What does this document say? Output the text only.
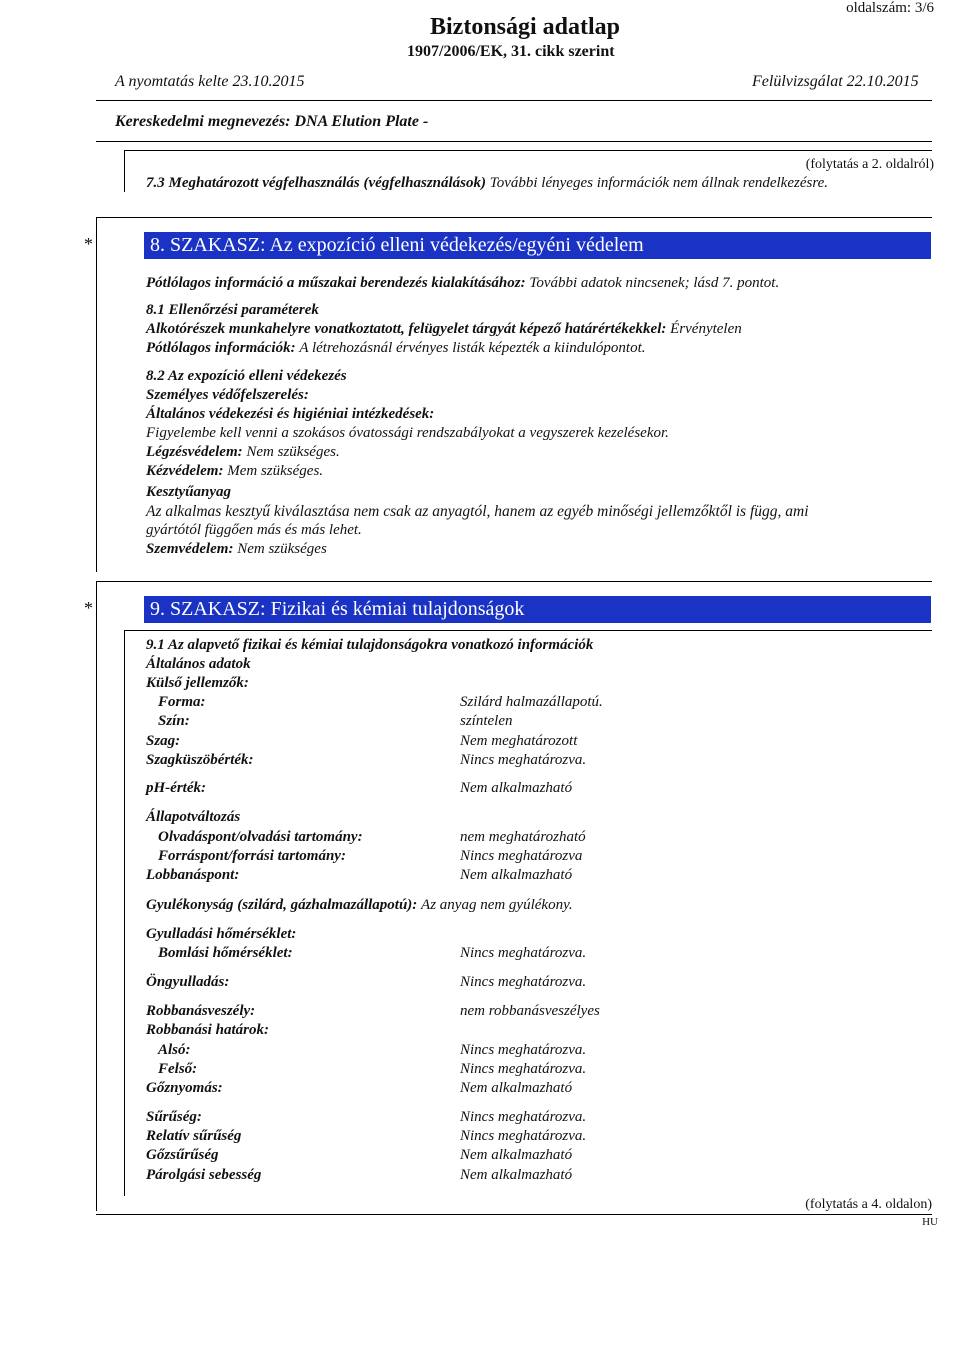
oldalszám: 3/6
Biztonsági adatlap
1907/2006/EK, 31. cikk szerint
A nyomtatás kelte 23.10.2015	Felülvizsgálat 22.10.2015
Kereskedelmi megnevezés: DNA Elution Plate -
(folytatás a 2. oldalról)
7.3 Meghatározott végfelhasználás (végfelhasználások) További lényeges információk nem állnak rendelkezésre.
*	8. SZAKASZ: Az expozíció elleni védekezés/egyéni védelem
Pótlólagos információ a műszakai berendezés kialakításához: További adatok nincsenek; lásd 7. pontot.
8.1 Ellenőrzési paraméterek
Alkotórészek munkahelyre vonatkoztatott, felügyelet tárgyát képező határértékekkel: Érvénytelen
Pótlólagos információk: A létrehozásnál érvényes listák képezték a kiindulópontot.
8.2 Az expozíció elleni védekezés
Személyes védőfelszerelés:
Általános védekezési és higiéniai intézkedések:
Figyelembe kell venni a szokásos óvatossági rendszabályokat a vegyszerek kezelésekor.
Légzésvédelem: Nem szükséges.
Kézvédelem: Mem szükséges.
Kesztyűanyag
Az alkalmas kesztyű kiválasztása nem csak az anyagtól, hanem az egyéb minőségi jellemzőktől is függ, ami
gyártótól függően más és más lehet.
Szemvédelem: Nem szükséges
*	9. SZAKASZ: Fizikai és kémiai tulajdonságok
9.1 Az alapvető fizikai és kémiai tulajdonságokra vonatkozó információk
Általános adatok
Külső jellemzők:
Forma:	Szilárd halmazállapotú.
Szín:	színtelen
Szag:	Nem meghatározott
Szagküszöbérték:	Nincs meghatározva.
pH-érték:	Nem alkalmazható
Állapotváltozás
Olvadáspont/olvadási tartomány:	nem meghatározható
Forráspont/forrási tartomány:	Nincs meghatározva
Lobbanáspont:	Nem alkalmazható
Gyulékonyság (szilárd, gázhalmazállapotú): Az anyag nem gyúlékony.
Gyulladási hőmérséklet:
Bomlási hőmérséklet:	Nincs meghatározva.
Öngyulladás:	Nincs meghatározva.
Robbanásveszély:	nem robbanásveszélyes
Robbanási határok:
Alsó:	Nincs meghatározva.
Felső:	Nincs meghatározva.
Gőznyomás:	Nem alkalmazható
Sűrűség:	Nincs meghatározva.
Relatív sűrűség	Nincs meghatározva.
Gőzsűrűség	Nem alkalmazható
Párolgási sebesség	Nem alkalmazható
(folytatás a 4. oldalon)
HU
